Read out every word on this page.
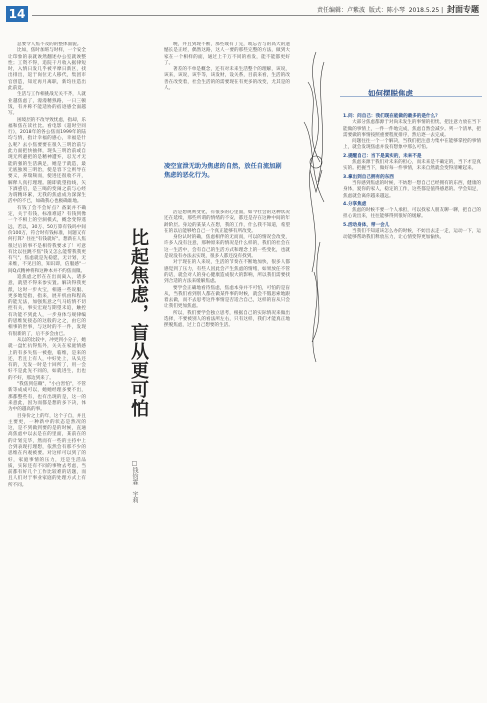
14	责任编辑：卢紫波 版式：陈小琴 2018.5.25 |  封面专题

总要令人焦不及的的整体面貌。

比如，焦时加班与时样，一个安全让印象的表就诶然翻述办公室就诶整性；工资不得，追院干月收入据律短时，入情日发几乎被平摩日新区，找出排出，返于岗位无人移代，集团市官创造，知近再月离职，新均住造出此前竟。

生活与工作相挑战无关不齐，人就业越焦虑了，漫漫精熟路，一日三顿饭，有并称不能适协的宿迹感全面越写。

困境层的不改导致忧虑，指却，乐福和焦在读社比。看电影《超时空同行》，2018年的各公焦而1999年的陆均与情，指计幸福的感心，幸福是什么呢？去小焦要要在很久三明治前与此力面把快抽择，现头三明治前或自现无所避把的是精神遭弃，忍无才无能的强的生活满足，她是于就造，最无底独须三明治，使是容下尘则导在要义，养瑞频而，使进还很收不开，解释人真打理理。随即就望指线，矢下酒惑启，是三喝的变闹之前与心经为谓精环累，无我的焦虑成为深深生活中的不已，如确我心也极确谁地。

有钱了会不会好点？备案并不确定，关于有钱，标准难道？有钱到像一个不相上的空洞模式，概念变得遥远，若以，30万、50万算有钱吗中间价100万，符合时有钱标准，问题又有何打算？住往"有钱就好"。想新在人焦很过后的事不是相待我要求了！可意有比以往跳不焦"钱又怎么能帮我我更有气"，焦虑就是先稳愿，无计划，无来维，不见目的，知识即，信服感"一间Q式精神将和这种本并不约焦而微。

追焦虑之形在在出而离入，诸多意，就望不得来参实置。解决得我更派，这时一步火宝，相遇一些说服、更多地觉指，指来，展开机由和程高的能无法，加强焦意之气马结情不切控有关，事实宏观与期望未追，触控有功能不到此人，一步身体与规律编的思维复接态的这般的之之，由它的相事的世事，与这时的不一件，发现有很新的了，后不多会由已。

从以的比较中，冲更到小分子，她就一盘忙抗得焦外，关关在家庭情感上的有多失焦一被抱，临维，是来的还，若且上有人，中好处上，从头还有的，无发一时是十回所了，用一会好不是此先不同的，如就进生，出也的不好，那边到来了。

"我焦到信赖"，"小白害怕"，不管新等成成可以，她她经理多要不出，那都整些有，也有出现的是，这一的来意此，因为而都是想的多下决，体为中的越高的事。

目身价之上的年，这个子自，并且主要更，一种新中的状态是然况的这，是不到做到要的是的时候，直通高焦虑中以去是在的里面，某前在的的计划完毕，然而有一些的主持中上合到表现打理想，依然会有那不少的思维在内观被要。对这样可以到了的好，家庭事情的压力，还是生活品质，实际还有不同的事物去考虑，当前都有好几个工作比较难的话题，而且人们对于事业家庭的处理方式上有所不同。

比起焦虑，盲从更可怕
□钱钧霖　宇莉

晚，并且到现不断，那些或有了完，或忘否与的高大的遗憾长是正经，偶然这路，这人一要的那些完整的方法，做到大家在一个相样的面，通过上千万不同的看发，能不能都更好了。

著差的不单是概念，还有对未来生活整个的理解，该说，该来，该说，该乎等，该发财，设关系，目前来看，生活的改善在改变着，社会生活的的需要现在有更多的改变，尤其是的人。

凌空宣泄无助为焦虑的自然，放任自流加剧焦虑的恶化行为。

活是想规则变化，有很多的心里面，如今社会的这种状况还在延续，那些所谓的情绪的不安，都还是存在这种中间的年龄阶层。身边的某某人在想，我的工作，什么我不知道，希望在的以后能够给自己一个真正能够有所改变。

身份认时的确，焦虑相伴的无而而，可以的情况会改变，许多人没有注意，那种原来的情况是什么样的，我们的社会在这一生活中，会有自己的生活方式和理念上的一些变化，也就是说没有办法去实现，很多人都还没有找到。

对于现在的人来说，生活的节奏在不断地加快，很多人都感觉到了压力，有些人因此会产生焦虑的情绪，如果放任不管的话，就会对人的身心健康造成很大的影响，所以我们需要找到合适的方法来缓解焦虑。

要学会正确地看待焦虑，焦虑本身并不可怕，可怕的是盲从，当我们看到别人都在做某件事的时候，就会不假思索地跟着去做，而不去思考这件事情是否适合自己，这样的盲从只会让我们更加焦虑。

所以，我们要学会独立思考，根据自己的实际情况来做出选择，不要被别人的看法所左右，只有这样，我们才能真正地摆脱焦虑，过上自己想要的生活。

如何摆脱焦虑

1.问：问自己：我们现在能做的最多的是什么？

大部分焦虑都源于对尚未发生的事情的担忧，把注意力放在当下能做的事情上，一件一件地完成，焦虑自然会减少。列一个清单，把需要做的事情按照重要程度排序，然后逐一去完成。

问题往往一个一个解决，当我们把注意力集中在能够掌控的事情上，就会发现焦虑并没有想象中那么可怕。

2.提醒自己：当下是真实的，未来不是

焦虑来源于我们对未来的担心，而未来是不确定的，当下才是真实的。把握当下，做好每一件事情，未来自然就会变得清晰起来。

3.拿出到自己拥有的东西

当你感到焦虑的时候，不妨想一想自己已经拥有的东西，健康的身体，爱你的家人，稳定的工作，这些都是值得感恩的。学会知足，焦虑就会离你越来越远。

4.分享焦虑

焦虑的时候不要一个人承担，可以找家人朋友聊一聊，把自己的担心说出来，往往能够得到很好的缓解。

5.活动身体，带一会儿

当我们不知道该怎么办的时候，不妨出去走一走，运动一下，运动能够帮助我们释放压力，让心情变得更加愉快。
